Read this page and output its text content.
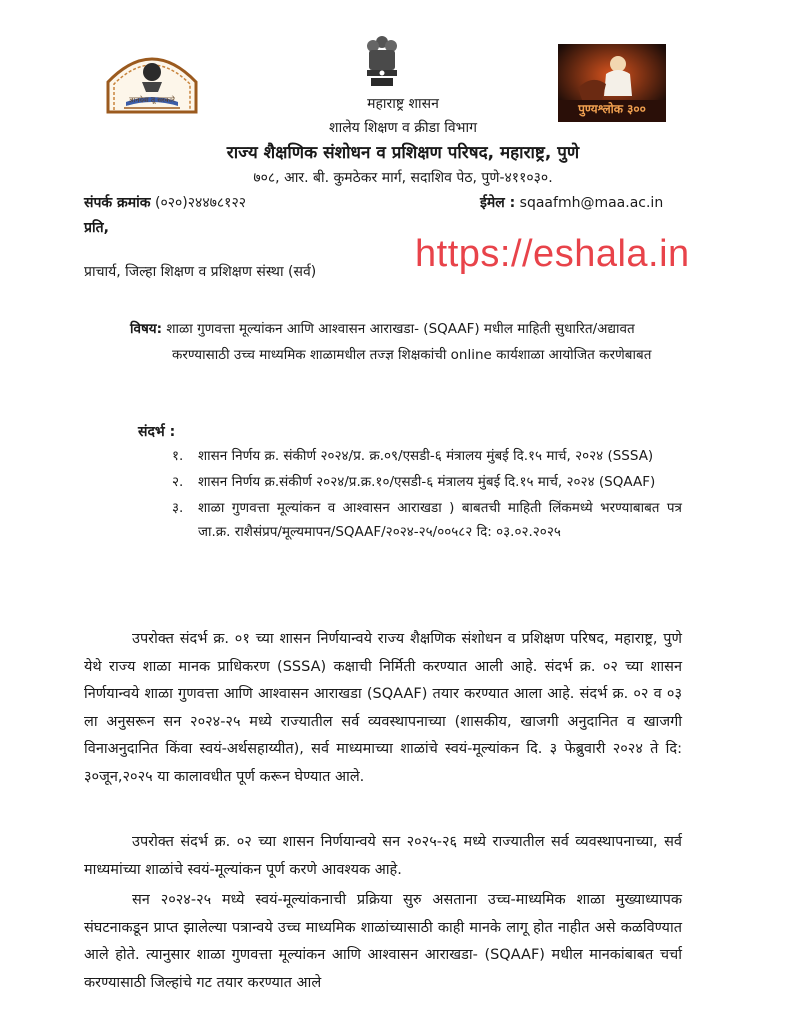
ज्ञानदेवा तू सरकारे
पुण्यश्लोक ३००
महाराष्ट्र शासन
शालेय शिक्षण व क्रीडा विभाग
राज्य शैक्षणिक संशोधन व प्रशिक्षण परिषद, महाराष्ट्र, पुणे
७०८, आर. बी. कुमठेकर मार्ग, सदाशिव पेठ, पुणे-४११०३०.
संपर्क क्रमांक (०२०)२४४७८१२२	ईमेल : sqaafmh@maa.ac.in
प्रति,
https://eshala.in
प्राचार्य, जिल्हा शिक्षण व प्रशिक्षण संस्था (सर्व)
विषय: शाळा गुणवत्ता मूल्यांकन आणि आश्वासन आराखडा- (SQAAF) मधील माहिती सुधारित/अद्यावत करण्यासाठी उच्च माध्यमिक शाळामधील तज्ज्ञ शिक्षकांची online कार्यशाळा आयोजित करणेबाबत
संदर्भ :
१. शासन निर्णय क्र. संकीर्ण २०२४/प्र. क्र.०९/एसडी-६ मंत्रालय मुंबई दि.१५ मार्च, २०२४ (SSSA)
२. शासन निर्णय क्र.संकीर्ण २०२४/प्र.क्र.१०/एसडी-६ मंत्रालय मुंबई दि.१५ मार्च, २०२४ (SQAAF)
३. शाळा गुणवत्ता मूल्यांकन व आश्वासन आराखडा ) बाबतची माहिती लिंकमध्ये भरण्याबाबत पत्र जा.क्र. राशैसंप्रप/मूल्यमापन/SQAAF/२०२४-२५/००५८२ दि: ०३.०२.२०२५
उपरोक्त संदर्भ क्र. ०१ च्या शासन निर्णयान्वये राज्य शैक्षणिक संशोधन व प्रशिक्षण परिषद, महाराष्ट्र, पुणे येथे राज्य शाळा मानक प्राधिकरण (SSSA) कक्षाची निर्मिती करण्यात आली आहे. संदर्भ क्र. ०२ च्या शासन निर्णयान्वये शाळा गुणवत्ता आणि आश्वासन आराखडा (SQAAF) तयार करण्यात आला आहे. संदर्भ क्र. ०२ व ०३ ला अनुसरून सन २०२४-२५ मध्ये राज्यातील सर्व व्यवस्थापनाच्या (शासकीय, खाजगी अनुदानित व खाजगी विनाअनुदानित किंवा स्वयं-अर्थसहाय्यीत), सर्व माध्यमाच्या शाळांचे स्वयं-मूल्यांकन दि. ३ फेब्रुवारी २०२४ ते दि: ३०जून,२०२५ या कालावधीत पूर्ण करून घेण्यात आले.
उपरोक्त संदर्भ क्र. ०२ च्या शासन निर्णयान्वये सन २०२५-२६ मध्ये राज्यातील सर्व व्यवस्थापनाच्या, सर्व माध्यमांच्या शाळांचे स्वयं-मूल्यांकन पूर्ण करणे आवश्यक आहे.
सन २०२४-२५ मध्ये स्वयं-मूल्यांकनाची प्रक्रिया सुरु असताना उच्च-माध्यमिक शाळा मुख्याध्यापक संघटनाकडून प्राप्त झालेल्या पत्रान्वये उच्च माध्यमिक शाळांच्यासाठी काही मानके लागू होत नाहीत असे कळविण्यात आले होते. त्यानुसार शाळा गुणवत्ता मूल्यांकन आणि आश्वासन आराखडा- (SQAAF) मधील मानकांबाबत चर्चा करण्यासाठी जिल्हांचे गट तयार करण्यात आले
